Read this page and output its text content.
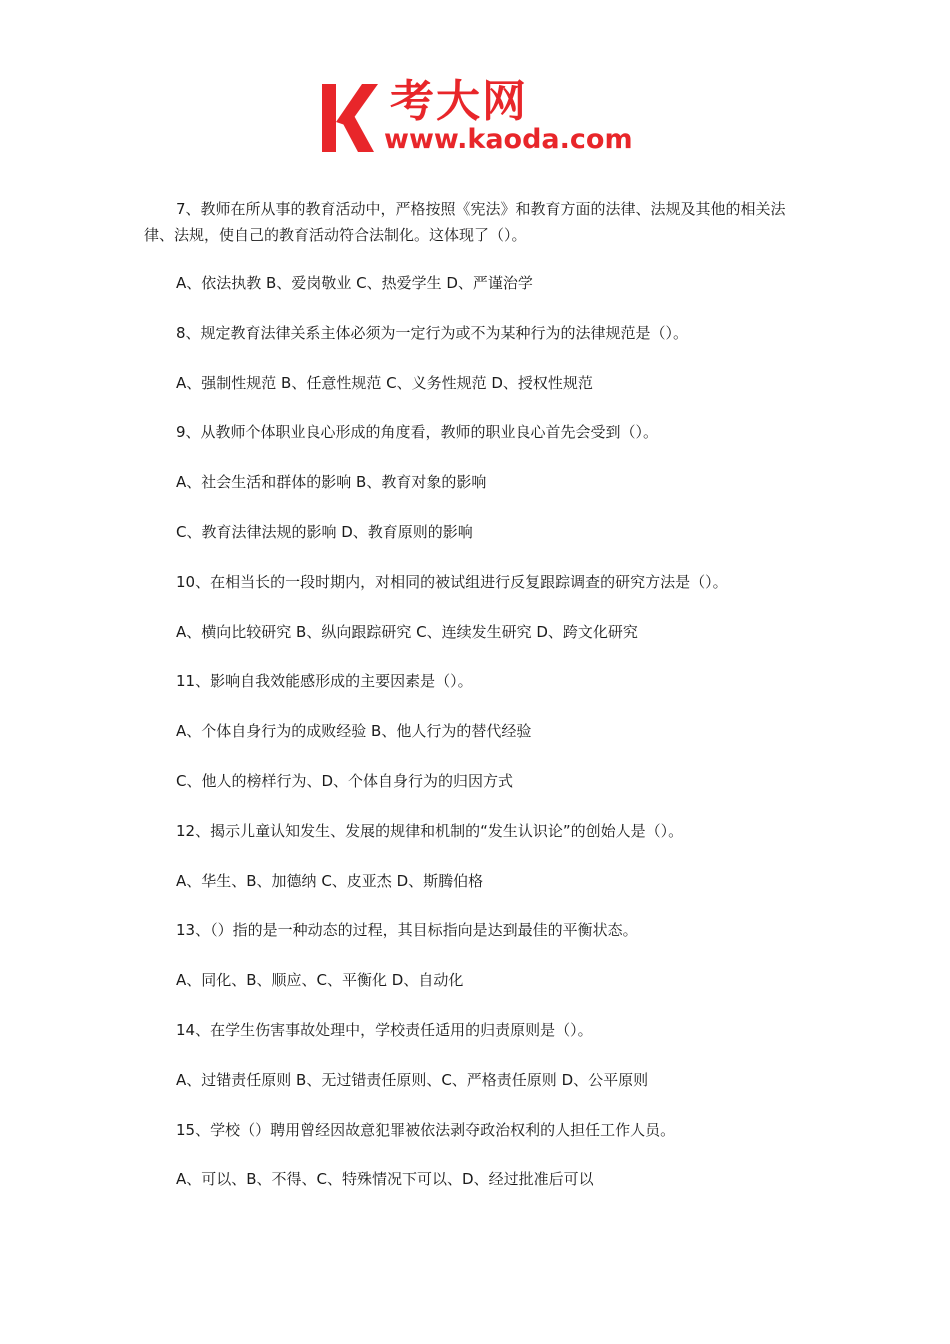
考大网
www.kaoda.com

7、教师在所从事的教育活动中，严格按照《宪法》和教育方面的法律、法规及其他的相关法律、法规，使自己的教育活动符合法制化。这体现了（）。

A、依法执教 B、爱岗敬业 C、热爱学生 D、严谨治学

8、规定教育法律关系主体必须为一定行为或不为某种行为的法律规范是（）。

A、强制性规范 B、任意性规范 C、义务性规范 D、授权性规范

9、从教师个体职业良心形成的角度看，教师的职业良心首先会受到（）。

A、社会生活和群体的影响 B、教育对象的影响

C、教育法律法规的影响 D、教育原则的影响

10、在相当长的一段时期内，对相同的被试组进行反复跟踪调查的研究方法是（）。

A、横向比较研究 B、纵向跟踪研究 C、连续发生研究 D、跨文化研究

11、影响自我效能感形成的主要因素是（）。

A、个体自身行为的成败经验 B、他人行为的替代经验

C、他人的榜样行为、D、个体自身行为的归因方式

12、揭示儿童认知发生、发展的规律和机制的“发生认识论”的创始人是（）。

A、华生、B、加德纳 C、皮亚杰 D、斯腾伯格

13、（）指的是一种动态的过程，其目标指向是达到最佳的平衡状态。

A、同化、B、顺应、C、平衡化 D、自动化

14、在学生伤害事故处理中，学校责任适用的归责原则是（）。

A、过错责任原则 B、无过错责任原则、C、严格责任原则 D、公平原则

15、学校（）聘用曾经因故意犯罪被依法剥夺政治权利的人担任工作人员。

A、可以、B、不得、C、特殊情况下可以、D、经过批准后可以
